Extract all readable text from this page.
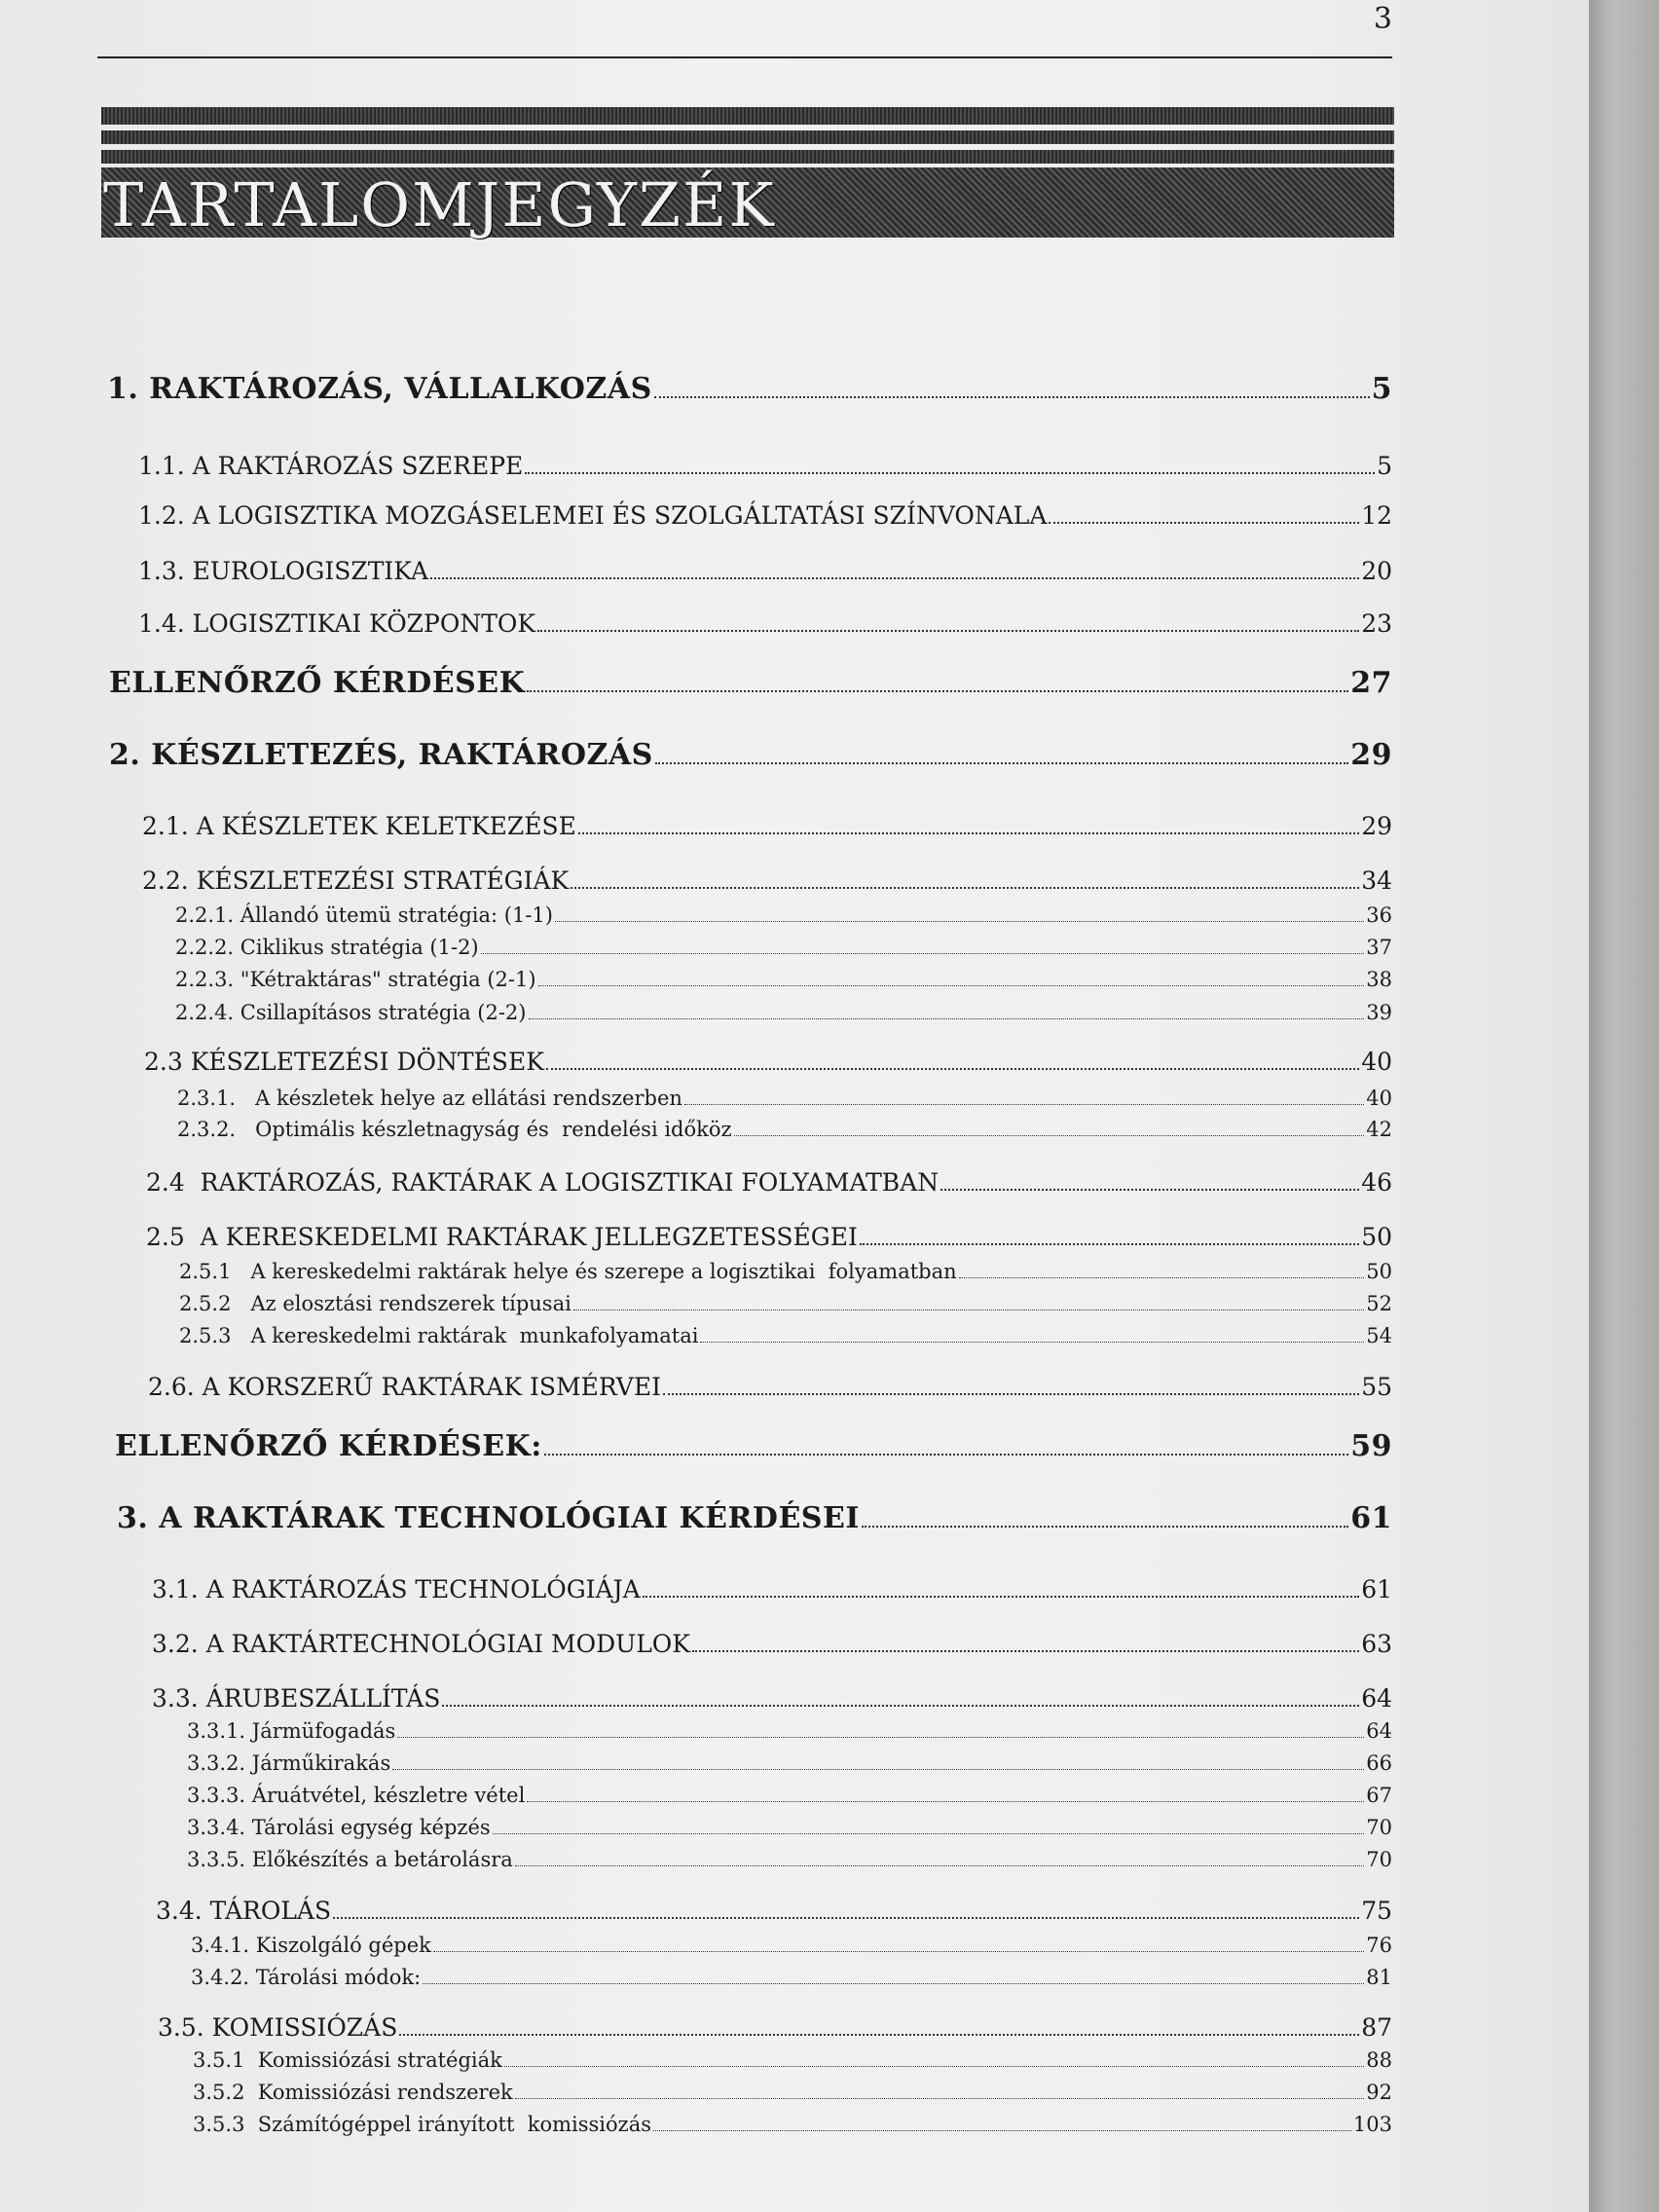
3
TARTALOMJEGYZÉK
1. RAKTÁROZÁS, VÁLLALKOZÁS	5
1.1. A RAKTÁROZÁS SZEREPE	5
1.2. A LOGISZTIKA MOZGÁSELEMEI ÉS SZOLGÁLTATÁSI SZÍNVONALA	12
1.3. EUROLOGISZTIKA	20
1.4. LOGISZTIKAI KÖZPONTOK	23
ELLENŐRZŐ KÉRDÉSEK	27
2. KÉSZLETEZÉS, RAKTÁROZÁS	29
2.1. A KÉSZLETEK KELETKEZÉSE	29
2.2. KÉSZLETEZÉSI STRATÉGIÁK	34
2.2.1. Állandó ütemü stratégia: (1-1)	36
2.2.2. Ciklikus stratégia (1-2)	37
2.2.3. "Kétraktáras" stratégia (2-1)	38
2.2.4. Csillapításos stratégia (2-2)	39
2.3 KÉSZLETEZÉSI DÖNTÉSEK	40
2.3.1.   A készletek helye az ellátási rendszerben	40
2.3.2.   Optimális készletnagyság és  rendelési időköz	42
2.4  RAKTÁROZÁS, RAKTÁRAK A LOGISZTIKAI FOLYAMATBAN	46
2.5  A KERESKEDELMI RAKTÁRAK JELLEGZETESSÉGEI	50
2.5.1   A kereskedelmi raktárak helye és szerepe a logisztikai  folyamatban	50
2.5.2   Az elosztási rendszerek típusai	52
2.5.3   A kereskedelmi raktárak  munkafolyamatai	54
2.6. A KORSZERŰ RAKTÁRAK ISMÉRVEI	55
ELLENŐRZŐ KÉRDÉSEK:	59
3. A RAKTÁRAK TECHNOLÓGIAI KÉRDÉSEI	61
3.1. A RAKTÁROZÁS TECHNOLÓGIÁJA	61
3.2. A RAKTÁRTECHNOLÓGIAI MODULOK	63
3.3. ÁRUBESZÁLLÍTÁS	64
3.3.1. Jármüfogadás	64
3.3.2. Járműkirakás	66
3.3.3. Áruátvétel, készletre vétel	67
3.3.4. Tárolási egység képzés	70
3.3.5. Előkészítés a betárolásra	70
3.4. TÁROLÁS	75
3.4.1. Kiszolgáló gépek	76
3.4.2. Tárolási módok:	81
3.5. KOMISSIÓZÁS	87
3.5.1  Komissiózási stratégiák	88
3.5.2  Komissiózási rendszerek	92
3.5.3  Számítógéppel irányított  komissiózás	103
